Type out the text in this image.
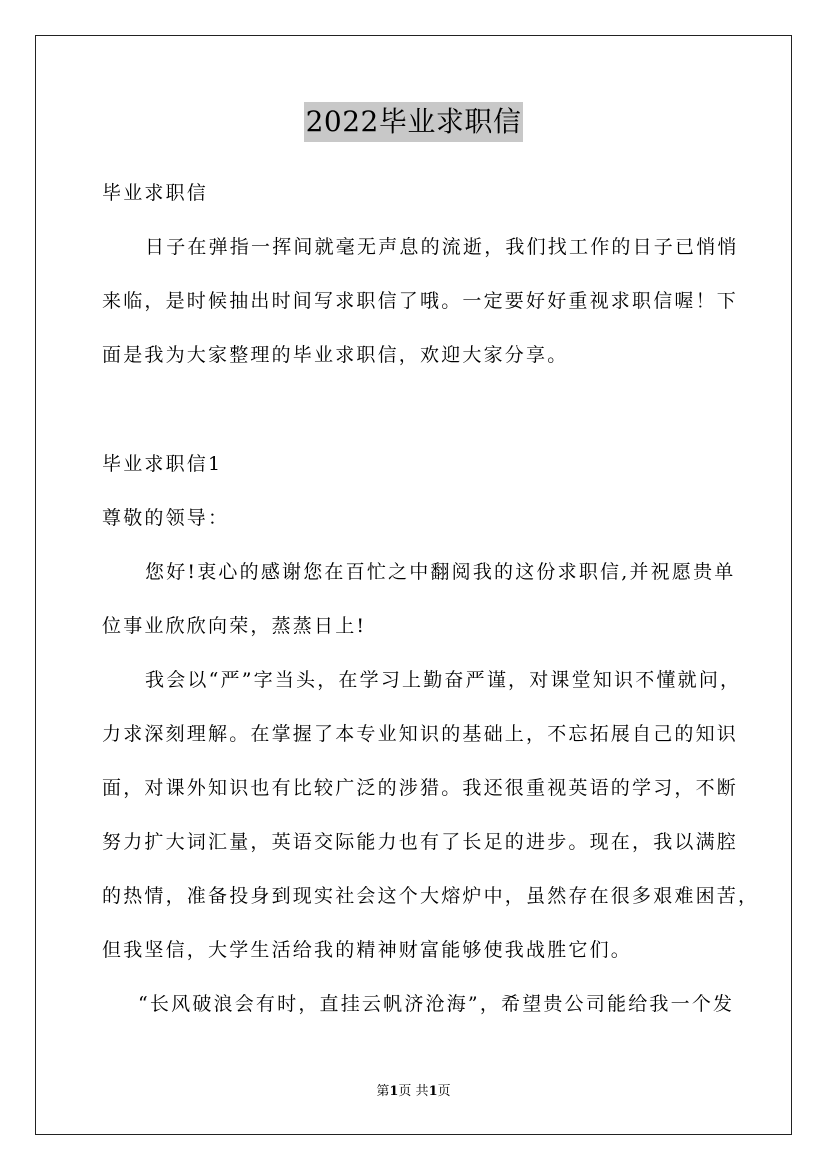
2022毕业求职信
毕业求职信
日子在弹指一挥间就毫无声息的流逝，我们找工作的日子已悄悄
来临，是时候抽出时间写求职信了哦。一定要好好重视求职信喔！下
面是我为大家整理的毕业求职信，欢迎大家分享。
毕业求职信1
尊敬的领导：
您好!衷心的感谢您在百忙之中翻阅我的这份求职信,并祝愿贵单
位事业欣欣向荣，蒸蒸日上!
我会以“严”字当头，在学习上勤奋严谨，对课堂知识不懂就问，
力求深刻理解。在掌握了本专业知识的基础上，不忘拓展自己的知识
面，对课外知识也有比较广泛的涉猎。我还很重视英语的学习，不断
努力扩大词汇量，英语交际能力也有了长足的进步。现在，我以满腔
的热情，准备投身到现实社会这个大熔炉中，虽然存在很多艰难困苦，
但我坚信，大学生活给我的精神财富能够使我战胜它们。
“长风破浪会有时，直挂云帆济沧海”，希望贵公司能给我一个发
第1页 共1页
